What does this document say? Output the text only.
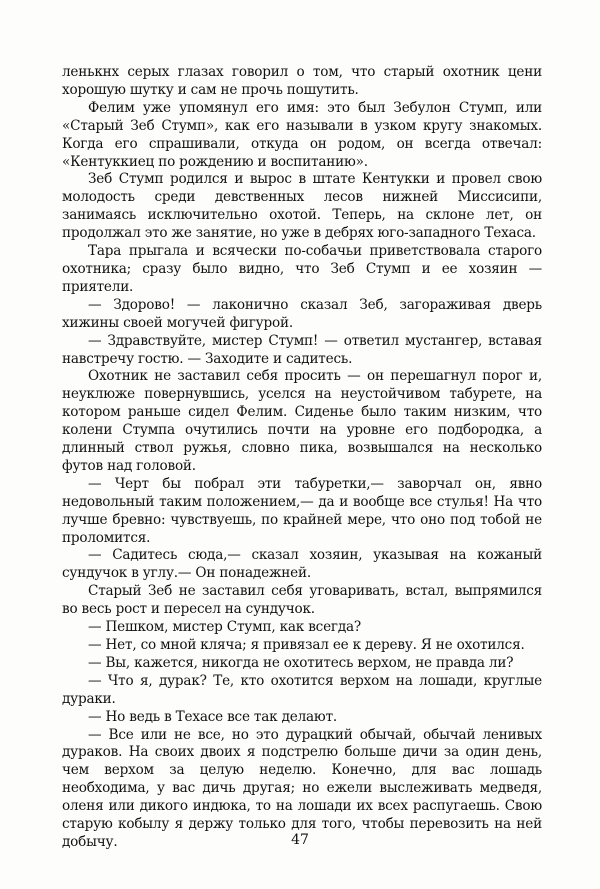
ленькнх серых глазах говорил о том, что старый охотник цени хорошую шутку и сам не прочь пошутить.

Фелим уже упомянул его имя: это был Зебулон Стумп, или «Старый Зеб Стумп», как его называли в узком кругу знакомых. Когда его спрашивали, откуда он родом, он всегда отвечал: «Кентуккиец по рождению и воспитанию».

Зеб Стумп родился и вырос в штате Кентукки и провел свою молодость среди девственных лесов нижней Миссисипи, занимаясь исключительно охотой. Теперь, на склоне лет, он продолжал это же занятие, но уже в дебрях юго-западного Техаса.

Тара прыгала и всячески по-собачьи приветствовала старого охотника; сразу было видно, что Зеб Стумп и ее хозяин — приятели.

— Здорово! — лаконично сказал Зеб, загораживая дверь хижины своей могучей фигурой.

— Здравствуйте, мистер Стумп! — ответил мустангер, вставая навстречу гостю. — Заходите и садитесь.

Охотник не заставил себя просить — он перешагнул порог и, неуклюже повернувшись, уселся на неустойчивом табурете, на котором раньше сидел Фелим. Сиденье было таким низким, что колени Стумпа очутились почти на уровне его подбородка, а длинный ствол ружья, словно пика, возвышался на несколько футов над головой.

— Черт бы побрал эти табуретки,— заворчал он, явно недовольный таким положением,— да и вообще все стулья! На что лучше бревно: чувствуешь, по крайней мере, что оно под тобой не проломится.

— Садитесь сюда,— сказал хозяин, указывая на кожаный сундучок в углу.— Он понадежней.

Старый Зеб не заставил себя уговаривать, встал, выпрямился во весь рост и пересел на сундучок.

— Пешком, мистер Стумп, как всегда?

— Нет, со мной кляча; я привязал ее к дереву. Я не охотился.

— Вы, кажется, никогда не охотитесь верхом, не правда ли?

— Что я, дурак? Те, кто охотится верхом на лошади, круглые дураки.

— Но ведь в Техасе все так делают.

— Все или не все, но это дурацкий обычай, обычай ленивых дураков. На своих двоих я подстрелю больше дичи за один день, чем верхом за целую неделю. Конечно, для вас лошадь необходима, у вас дичь другая; но ежели выслеживать медведя, оленя или дикого индюка, то на лошади их всех распугаешь. Свою старую кобылу я держу только для того, чтобы перевозить на ней добычу.	47
